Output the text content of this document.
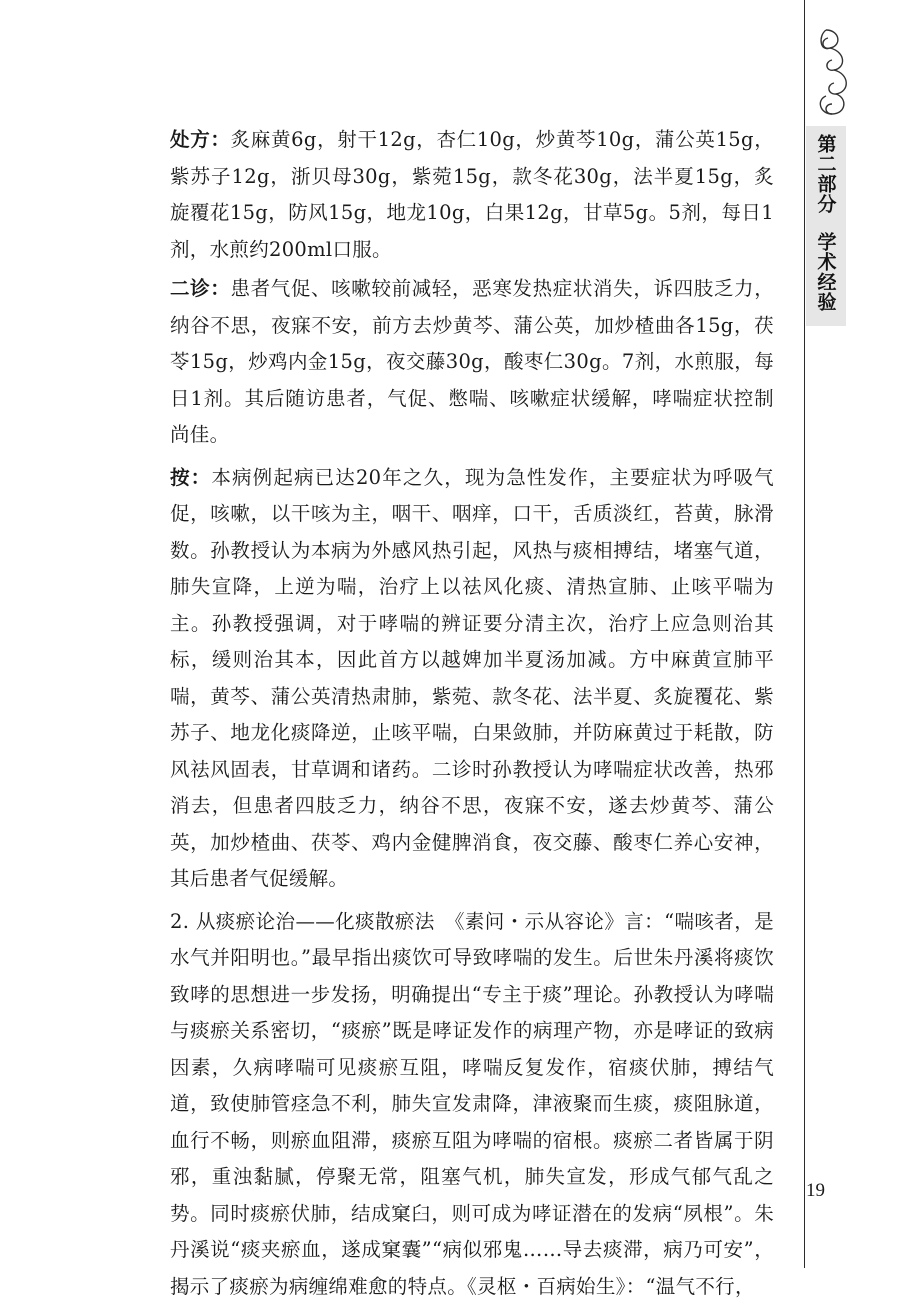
第二部分
学术经验

处方：炙麻黄6g，射干12g，杏仁10g，炒黄芩10g，蒲公英15g，紫苏子12g，浙贝母30g，紫菀15g，款冬花30g，法半夏15g，炙旋覆花15g，防风15g，地龙10g，白果12g，甘草5g。5剂，每日1剂，水煎约200ml口服。

二诊：患者气促、咳嗽较前减轻，恶寒发热症状消失，诉四肢乏力，纳谷不思，夜寐不安，前方去炒黄芩、蒲公英，加炒楂曲各15g，茯苓15g，炒鸡内金15g，夜交藤30g，酸枣仁30g。7剂，水煎服，每日1剂。其后随访患者，气促、憋喘、咳嗽症状缓解，哮喘症状控制尚佳。

按：本病例起病已达20年之久，现为急性发作，主要症状为呼吸气促，咳嗽，以干咳为主，咽干、咽痒，口干，舌质淡红，苔黄，脉滑数。孙教授认为本病为外感风热引起，风热与痰相搏结，堵塞气道，肺失宣降，上逆为喘，治疗上以祛风化痰、清热宣肺、止咳平喘为主。孙教授强调，对于哮喘的辨证要分清主次，治疗上应急则治其标，缓则治其本，因此首方以越婢加半夏汤加减。方中麻黄宣肺平喘，黄芩、蒲公英清热肃肺，紫菀、款冬花、法半夏、炙旋覆花、紫苏子、地龙化痰降逆，止咳平喘，白果敛肺，并防麻黄过于耗散，防风祛风固表，甘草调和诸药。二诊时孙教授认为哮喘症状改善，热邪消去，但患者四肢乏力，纳谷不思，夜寐不安，遂去炒黄芩、蒲公英，加炒楂曲、茯苓、鸡内金健脾消食，夜交藤、酸枣仁养心安神，其后患者气促缓解。

2. 从痰瘀论治——化痰散瘀法　《素问・示从容论》言：“喘咳者，是水气并阳明也。”最早指出痰饮可导致哮喘的发生。后世朱丹溪将痰饮致哮的思想进一步发扬，明确提出“专主于痰”理论。孙教授认为哮喘与痰瘀关系密切，“痰瘀”既是哮证发作的病理产物，亦是哮证的致病因素，久病哮喘可见痰瘀互阻，哮喘反复发作，宿痰伏肺，搏结气道，致使肺管痉急不利，肺失宣发肃降，津液聚而生痰，痰阻脉道，血行不畅，则瘀血阻滞，痰瘀互阻为哮喘的宿根。痰瘀二者皆属于阴邪，重浊黏腻，停聚无常，阻塞气机，肺失宣发，形成气郁气乱之势。同时痰瘀伏肺，结成窠臼，则可成为哮证潜在的发病“夙根”。朱丹溪说“痰夹瘀血，遂成窠囊”“病似邪鬼……导去痰滞，病乃可安”，揭示了痰瘀为病缠绵难愈的特点。《灵枢・百病始生》：“温气不行，

19
